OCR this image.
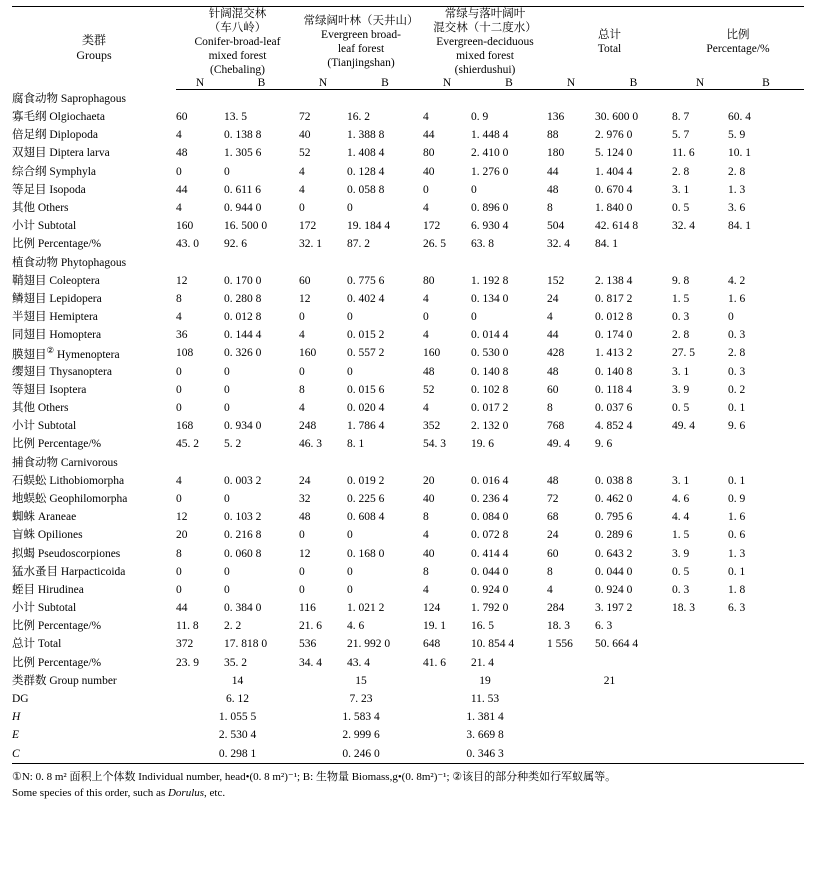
类群
Groups	针阔混交林
（车八岭）
Conifer-broad-leaf
mixed forest
(Chebaling)		常绿阔叶林（天井山）
Evergreen broad-
leaf forest
(Tianjingshan)		常绿与落叶阔叶
混交林（十二度水）
Evergreen-deciduous
mixed forest
(shierdushui)		总计
Total		比例
Percentage/%	

	N	B	N	B	N	B	N	B	N	B
腐食动物 Saprophagous										
寡毛纲 Olgiochaeta	60	13. 5	72	16. 2	4	0. 9	136	30. 600 0	8. 7	60. 4
倍足纲 Diplopoda	4	0. 138 8	40	1. 388 8	44	1. 448 4	88	2. 976 0	5. 7	5. 9
双翅目 Diptera larva	48	1. 305 6	52	1. 408 4	80	2. 410 0	180	5. 124 0	11. 6	10. 1
综合纲 Symphyla	0	0	4	0. 128 4	40	1. 276 0	44	1. 404 4	2. 8	2. 8
等足目 Isopoda	44	0. 611 6	4	0. 058 8	0	0	48	0. 670 4	3. 1	1. 3
其他 Others	4	0. 944 0	0	0	4	0. 896 0	8	1. 840 0	0. 5	3. 6
小计 Subtotal	160	16. 500 0	172	19. 184 4	172	6. 930 4	504	42. 614 8	32. 4	84. 1
比例 Percentage/%	43. 0	92. 6	32. 1	87. 2	26. 5	63. 8	32. 4	84. 1		
植食动物 Phytophagous										
鞘翅目 Coleoptera	12	0. 170 0	60	0. 775 6	80	1. 192 8	152	2. 138 4	9. 8	4. 2
鳞翅目 Lepidopera	8	0. 280 8	12	0. 402 4	4	0. 134 0	24	0. 817 2	1. 5	1. 6
半翅目 Hemiptera	4	0. 012 8	0	0	0	0	4	0. 012 8	0. 3	0
同翅目 Homoptera	36	0. 144 4	4	0. 015 2	4	0. 014 4	44	0. 174 0	2. 8	0. 3
膜翅目② Hymenoptera	108	0. 326 0	160	0. 557 2	160	0. 530 0	428	1. 413 2	27. 5	2. 8
缨翅目 Thysanoptera	0	0	0	0	48	0. 140 8	48	0. 140 8	3. 1	0. 3
等翅目 Isoptera	0	0	8	0. 015 6	52	0. 102 8	60	0. 118 4	3. 9	0. 2
其他 Others	0	0	4	0. 020 4	4	0. 017 2	8	0. 037 6	0. 5	0. 1
小计 Subtotal	168	0. 934 0	248	1. 786 4	352	2. 132 0	768	4. 852 4	49. 4	9. 6
比例 Percentage/%	45. 2	5. 2	46. 3	8. 1	54. 3	19. 6	49. 4	9. 6		
捕食动物 Carnivorous										
石蜈蚣 Lithobiomorpha	4	0. 003 2	24	0. 019 2	20	0. 016 4	48	0. 038 8	3. 1	0. 1
地蜈蚣 Geophilomorpha	0	0	32	0. 225 6	40	0. 236 4	72	0. 462 0	4. 6	0. 9
蜘蛛 Araneae	12	0. 103 2	48	0. 608 4	8	0. 084 0	68	0. 795 6	4. 4	1. 6
盲蛛 Opiliones	20	0. 216 8	0	0	4	0. 072 8	24	0. 289 6	1. 5	0. 6
拟蝎 Pseudoscorpiones	8	0. 060 8	12	0. 168 0	40	0. 414 4	60	0. 643 2	3. 9	1. 3
猛水蚤目 Harpacticoida	0	0	0	0	8	0. 044 0	8	0. 044 0	0. 5	0. 1
蛭目 Hirudinea	0	0	0	0	4	0. 924 0	4	0. 924 0	0. 3	1. 8
小计 Subtotal	44	0. 384 0	116	1. 021 2	124	1. 792 0	284	3. 197 2	18. 3	6. 3
比例 Percentage/%	11. 8	2. 2	21. 6	4. 6	19. 1	16. 5	18. 3	6. 3		
总计 Total	372	17. 818 0	536	21. 992 0	648	10. 854 4	1 556	50. 664 4		
比例 Percentage/%	23. 9	35. 2	34. 4	43. 4	41. 6	21. 4				
类群数 Group number	14		15		19		21			
DG	6. 12		7. 23		11. 53					
H	1. 055 5		1. 583 4		1. 381 4					
E	2. 530 4		2. 999 6		3. 669 8					
C	0. 298 1		0. 246 0		0. 346 3					
①N: 0. 8 m² 面积上个体数 Individual number, head•(0. 8 m²)⁻¹; B: 生物量 Biomass,g•(0. 8m²)⁻¹; ②该目的部分种类如行军蚁属等。
Some species of this order, such as Dorulus, etc.
